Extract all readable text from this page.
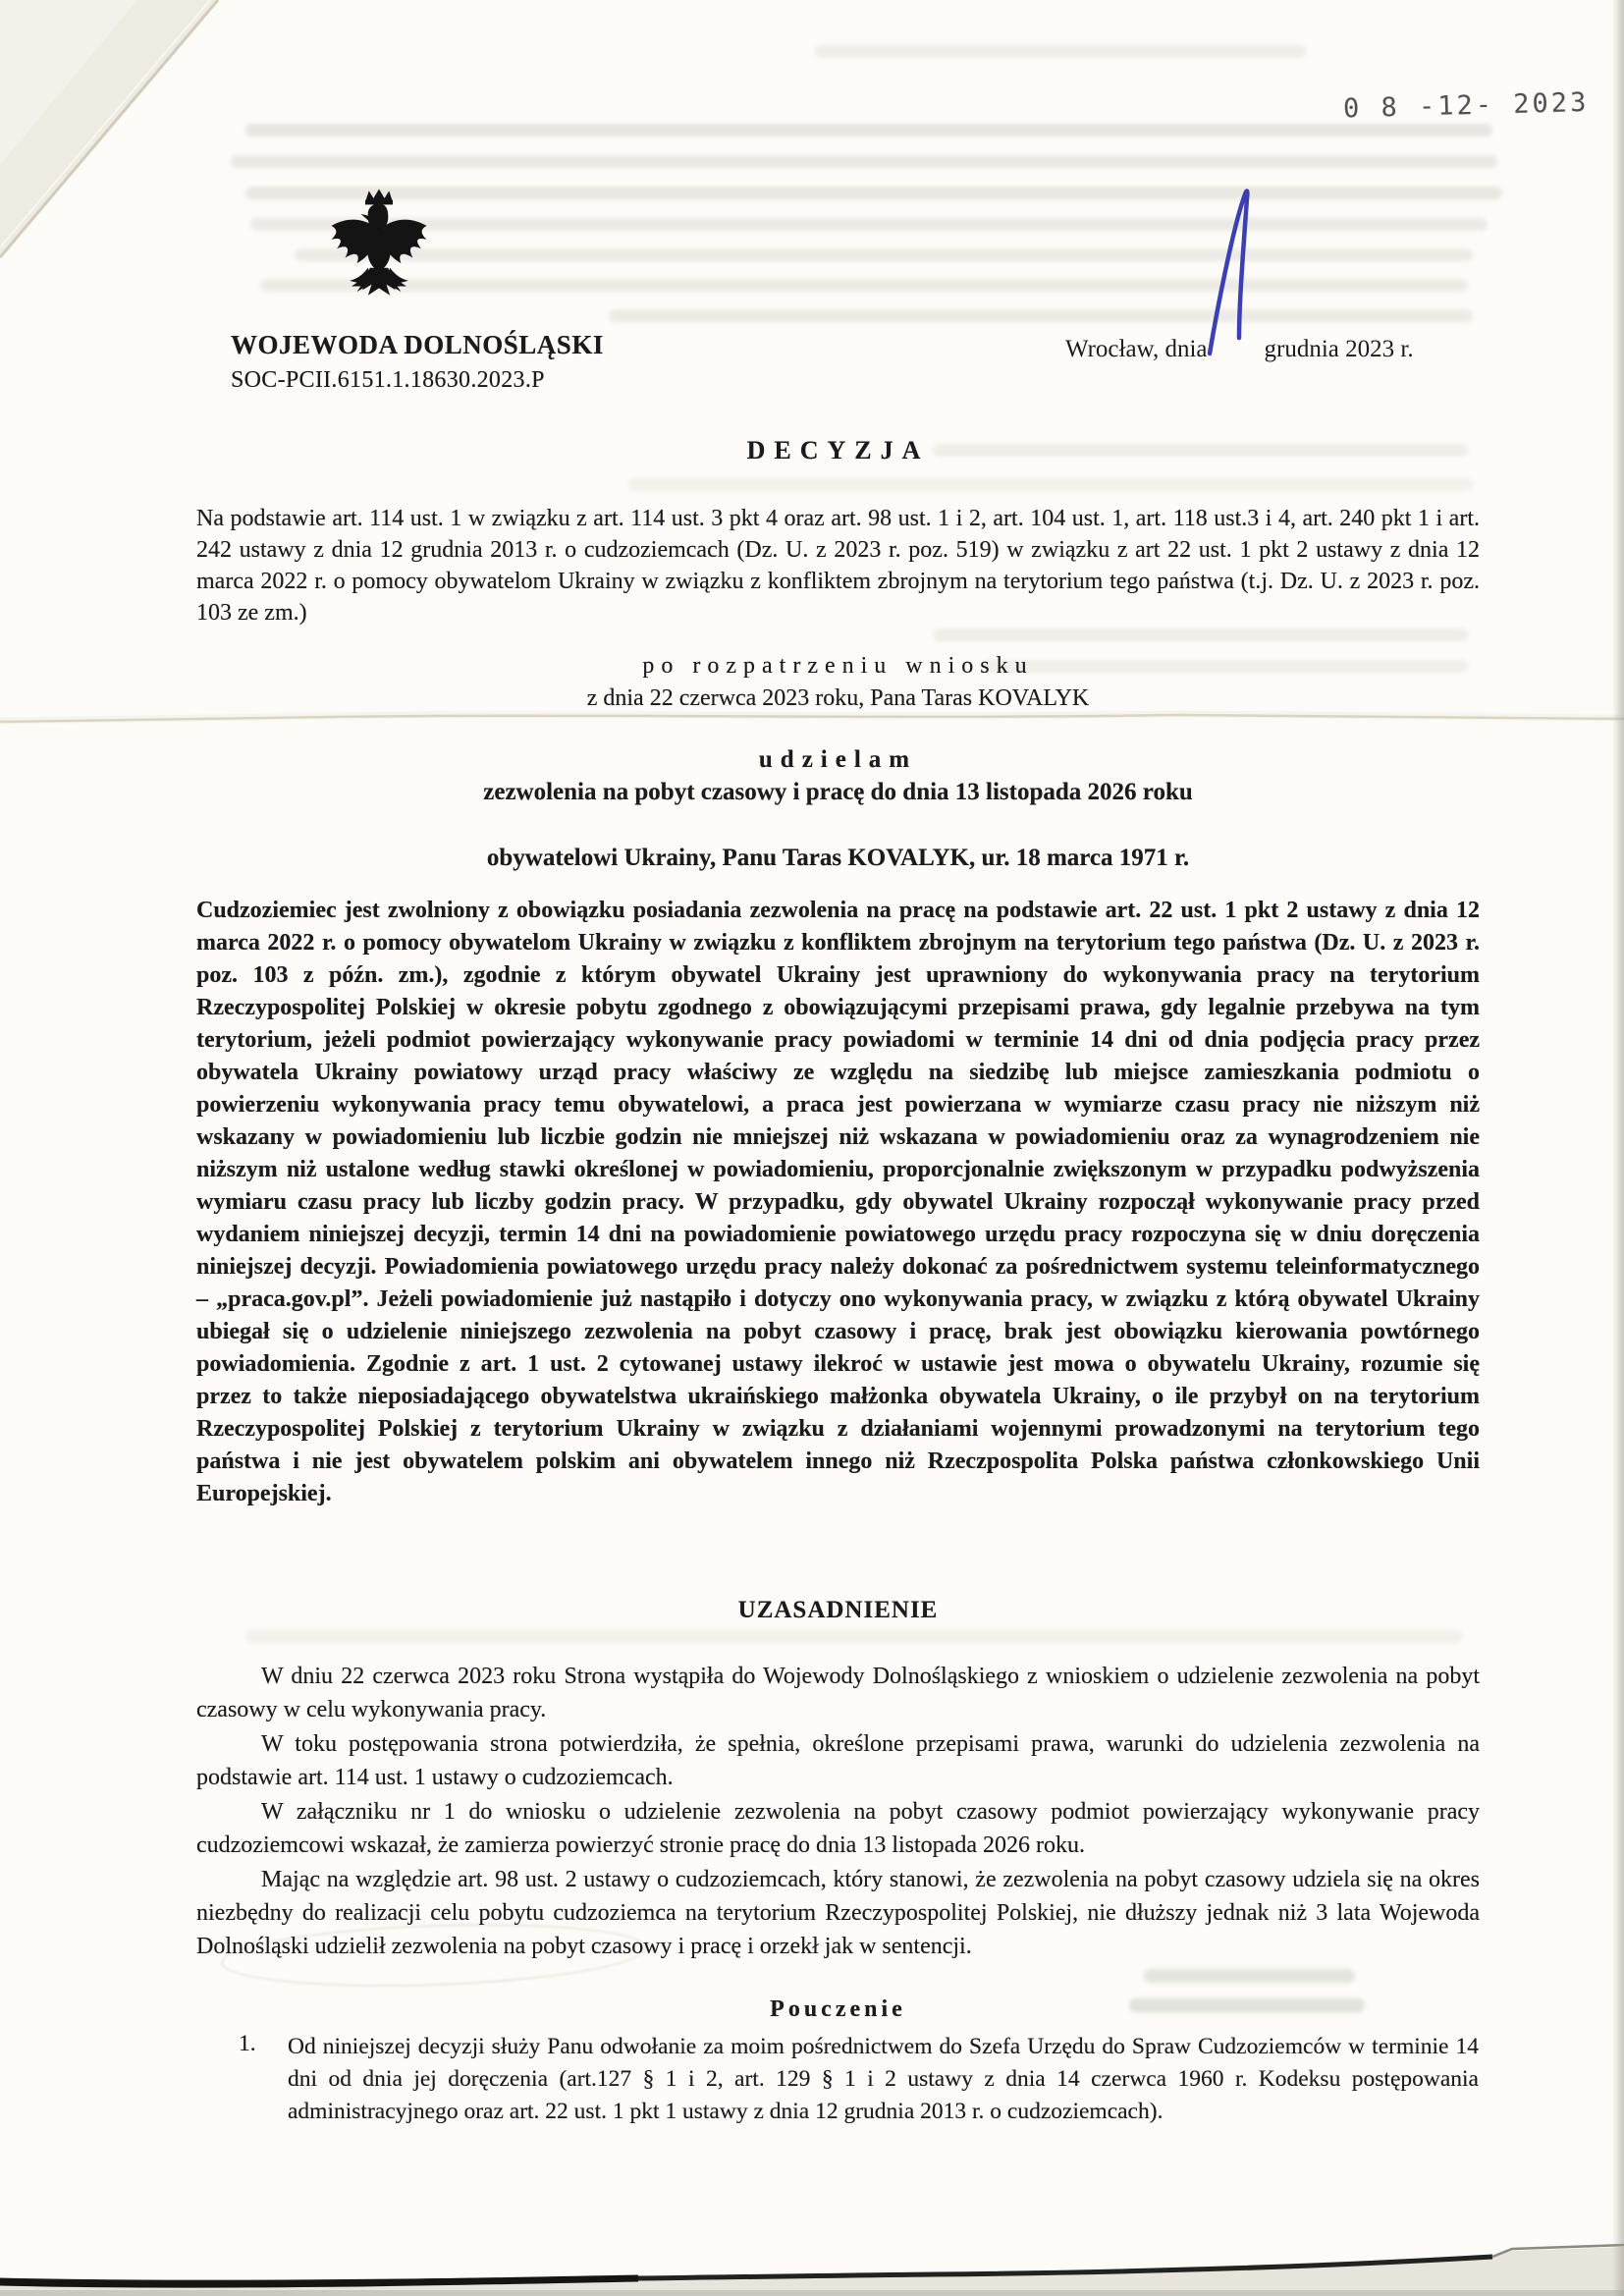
0 8 -12- 2023
WOJEWODA DOLNOŚLĄSKI
SOC-PCII.6151.1.18630.2023.P
Wrocław, dnia grudnia 2023 r.
DECYZJA
Na podstawie art. 114 ust. 1 w związku z art. 114 ust. 3 pkt 4 oraz art. 98 ust. 1 i 2, art. 104 ust. 1, art. 118 ust.3 i 4, art. 240 pkt 1 i art. 242 ustawy z dnia 12 grudnia 2013 r. o cudzoziemcach (Dz. U. z 2023 r. poz. 519) w związku z art 22 ust. 1 pkt 2 ustawy z dnia 12 marca 2022 r. o pomocy obywatelom Ukrainy w związku z konfliktem zbrojnym na terytorium tego państwa (t.j. Dz. U. z 2023 r. poz. 103 ze zm.)
po rozpatrzeniu wniosku
z dnia 22 czerwca 2023 roku, Pana Taras KOVALYK
udzielam
zezwolenia na pobyt czasowy i pracę do dnia 13 listopada 2026 roku
obywatelowi Ukrainy, Panu Taras KOVALYK, ur. 18 marca 1971 r.
Cudzoziemiec jest zwolniony z obowiązku posiadania zezwolenia na pracę na podstawie art. 22 ust. 1 pkt 2 ustawy z dnia 12 marca 2022 r. o pomocy obywatelom Ukrainy w związku z konfliktem zbrojnym na terytorium tego państwa (Dz. U. z 2023 r. poz. 103 z późn. zm.), zgodnie z którym obywatel Ukrainy jest uprawniony do wykonywania pracy na terytorium Rzeczypospolitej Polskiej w okresie pobytu zgodnego z obowiązującymi przepisami prawa, gdy legalnie przebywa na tym terytorium, jeżeli podmiot powierzający wykonywanie pracy powiadomi w terminie 14 dni od dnia podjęcia pracy przez obywatela Ukrainy powiatowy urząd pracy właściwy ze względu na siedzibę lub miejsce zamieszkania podmiotu o powierzeniu wykonywania pracy temu obywatelowi, a praca jest powierzana w wymiarze czasu pracy nie niższym niż wskazany w powiadomieniu lub liczbie godzin nie mniejszej niż wskazana w powiadomieniu oraz za wynagrodzeniem nie niższym niż ustalone według stawki określonej w powiadomieniu, proporcjonalnie zwiększonym w przypadku podwyższenia wymiaru czasu pracy lub liczby godzin pracy. W przypadku, gdy obywatel Ukrainy rozpoczął wykonywanie pracy przed wydaniem niniejszej decyzji, termin 14 dni na powiadomienie powiatowego urzędu pracy rozpoczyna się w dniu doręczenia niniejszej decyzji. Powiadomienia powiatowego urzędu pracy należy dokonać za pośrednictwem systemu teleinformatycznego – „praca.gov.pl”. Jeżeli powiadomienie już nastąpiło i dotyczy ono wykonywania pracy, w związku z którą obywatel Ukrainy ubiegał się o udzielenie niniejszego zezwolenia na pobyt czasowy i pracę, brak jest obowiązku kierowania powtórnego powiadomienia. Zgodnie z art. 1 ust. 2 cytowanej ustawy ilekroć w ustawie jest mowa o obywatelu Ukrainy, rozumie się przez to także nieposiadającego obywatelstwa ukraińskiego małżonka obywatela Ukrainy, o ile przybył on na terytorium Rzeczypospolitej Polskiej z terytorium Ukrainy w związku z działaniami wojennymi prowadzonymi na terytorium tego państwa i nie jest obywatelem polskim ani obywatelem innego niż Rzeczpospolita Polska państwa członkowskiego Unii Europejskiej.
UZASADNIENIE

W dniu 22 czerwca 2023 roku Strona wystąpiła do Wojewody Dolnośląskiego z wnioskiem o udzielenie zezwolenia na pobyt czasowy w celu wykonywania pracy.

W toku postępowania strona potwierdziła, że spełnia, określone przepisami prawa, warunki do udzielenia zezwolenia na podstawie art. 114 ust. 1 ustawy o cudzoziemcach.

W załączniku nr 1 do wniosku o udzielenie zezwolenia na pobyt czasowy podmiot powierzający wykonywanie pracy cudzoziemcowi wskazał, że zamierza powierzyć stronie pracę do dnia 13 listopada 2026 roku.

Mając na względzie art. 98 ust. 2 ustawy o cudzoziemcach, który stanowi, że zezwolenia na pobyt czasowy udziela się na okres niezbędny do realizacji celu pobytu cudzoziemca na terytorium Rzeczypospolitej Polskiej, nie dłuższy jednak niż 3 lata Wojewoda Dolnośląski udzielił zezwolenia na pobyt czasowy i pracę i orzekł jak w sentencji.

Pouczenie
1. Od niniejszej decyzji służy Panu odwołanie za moim pośrednictwem do Szefa Urzędu do Spraw Cudzoziemców w terminie 14 dni od dnia jej doręczenia (art.127 § 1 i 2, art. 129 § 1 i 2 ustawy z dnia 14 czerwca 1960 r. Kodeksu postępowania administracyjnego oraz art. 22 ust. 1 pkt 1 ustawy z dnia 12 grudnia 2013 r. o cudzoziemcach).
